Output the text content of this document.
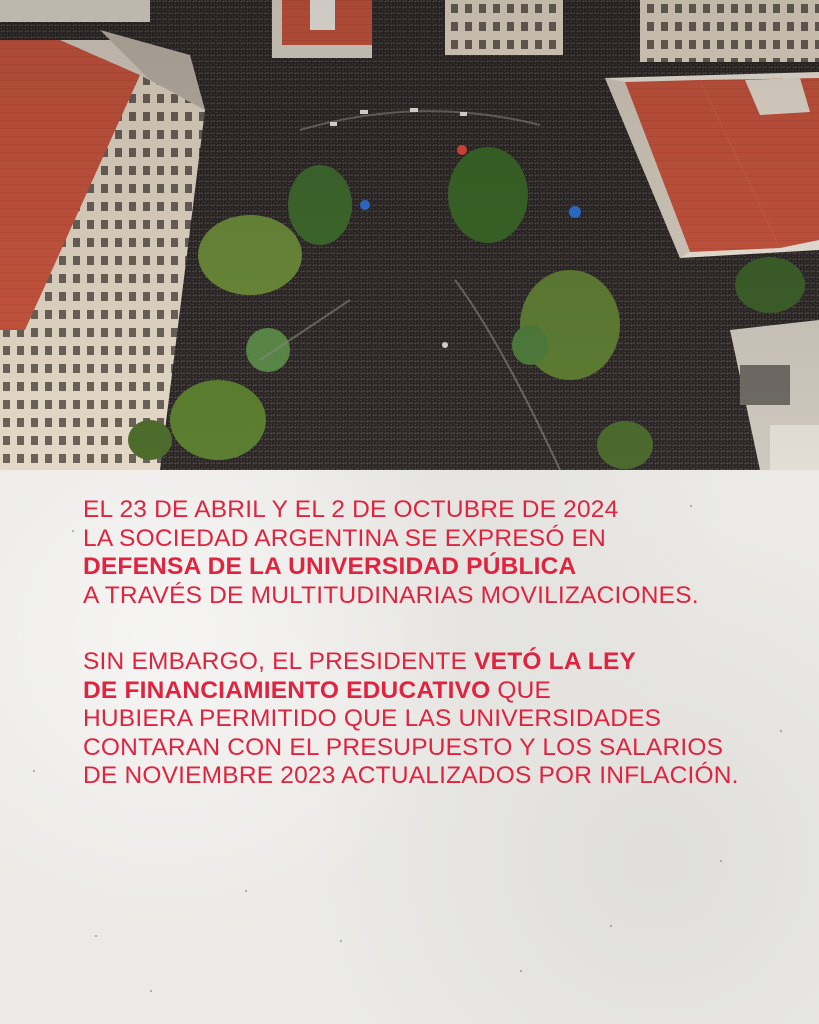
EL 23 DE ABRIL Y EL 2 DE OCTUBRE DE 2024
LA SOCIEDAD ARGENTINA SE EXPRESÓ EN
DEFENSA DE LA UNIVERSIDAD PÚBLICA
A TRAVÉS DE MULTITUDINARIAS MOVILIZACIONES.

SIN EMBARGO, EL PRESIDENTE VETÓ LA LEY
DE FINANCIAMIENTO EDUCATIVO QUE
HUBIERA PERMITIDO QUE LAS UNIVERSIDADES
CONTARAN CON EL PRESUPUESTO Y LOS SALARIOS
DE NOVIEMBRE 2023 ACTUALIZADOS POR INFLACIÓN.
